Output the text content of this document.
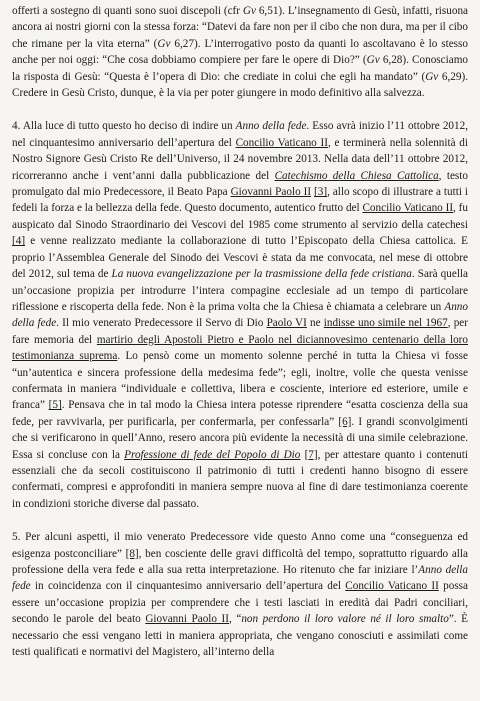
offerti a sostegno di quanti sono suoi discepoli (cfr Gv 6,51). L’insegnamento di Gesù, infatti, risuona ancora ai nostri giorni con la stessa forza: “Datevi da fare non per il cibo che non dura, ma per il cibo che rimane per la vita eterna” (Gv 6,27). L’interrogativo posto da quanti lo ascoltavano è lo stesso anche per noi oggi: “Che cosa dobbiamo compiere per fare le opere di Dio?” (Gv 6,28). Conosciamo la risposta di Gesù: “Questa è l’opera di Dio: che crediate in colui che egli ha mandato” (Gv 6,29). Credere in Gesù Cristo, dunque, è la via per poter giungere in modo definitivo alla salvezza.

4. Alla luce di tutto questo ho deciso di indire un Anno della fede. Esso avrà inizio l’11 ottobre 2012, nel cinquantesimo anniversario dell’apertura del Concilio Vaticano II, e terminerà nella solennità di Nostro Signore Gesù Cristo Re dell’Universo, il 24 novembre 2013. Nella data dell’11 ottobre 2012, ricorreranno anche i vent’anni dalla pubblicazione del Catechismo della Chiesa Cattolica, testo promulgato dal mio Predecessore, il Beato Papa Giovanni Paolo II [3], allo scopo di illustrare a tutti i fedeli la forza e la bellezza della fede. Questo documento, autentico frutto del Concilio Vaticano II, fu auspicato dal Sinodo Straordinario dei Vescovi del 1985 come strumento al servizio della catechesi [4] e venne realizzato mediante la collaborazione di tutto l’Episcopato della Chiesa cattolica. E proprio l’Assemblea Generale del Sinodo dei Vescovi è stata da me convocata, nel mese di ottobre del 2012, sul tema de La nuova evangelizzazione per la trasmissione della fede cristiana. Sarà quella un’occasione propizia per introdurre l’intera compagine ecclesiale ad un tempo di particolare riflessione e riscoperta della fede. Non è la prima volta che la Chiesa è chiamata a celebrare un Anno della fede. Il mio venerato Predecessore il Servo di Dio Paolo VI ne indisse uno simile nel 1967, per fare memoria del martirio degli Apostoli Pietro e Paolo nel diciannovesimo centenario della loro testimonianza suprema. Lo pensò come un momento solenne perché in tutta la Chiesa vi fosse “un’autentica e sincera professione della medesima fede”; egli, inoltre, volle che questa venisse confermata in maniera “individuale e collettiva, libera e cosciente, interiore ed esteriore, umile e franca” [5]. Pensava che in tal modo la Chiesa intera potesse riprendere “esatta coscienza della sua fede, per ravvivarla, per purificarla, per confermarla, per confessarla” [6]. I grandi sconvolgimenti che si verificarono in quell’Anno, resero ancora più evidente la necessità di una simile celebrazione. Essa si concluse con la Professione di fede del Popolo di Dio [7], per attestare quanto i contenuti essenziali che da secoli costituiscono il patrimonio di tutti i credenti hanno bisogno di essere confermati, compresi e approfonditi in maniera sempre nuova al fine di dare testimonianza coerente in condizioni storiche diverse dal passato.

5. Per alcuni aspetti, il mio venerato Predecessore vide questo Anno come una “conseguenza ed esigenza postconciliare” [8], ben cosciente delle gravi difficoltà del tempo, soprattutto riguardo alla professione della vera fede e alla sua retta interpretazione. Ho ritenuto che far iniziare l’Anno della fede in coincidenza con il cinquantesimo anniversario dell’apertura del Concilio Vaticano II possa essere un’occasione propizia per comprendere che i testi lasciati in eredità dai Padri conciliari, secondo le parole del beato Giovanni Paolo II, “non perdono il loro valore né il loro smalto”. È necessario che essi vengano letti in maniera appropriata, che vengano conosciuti e assimilati come testi qualificati e normativi del Magistero, all’interno della
